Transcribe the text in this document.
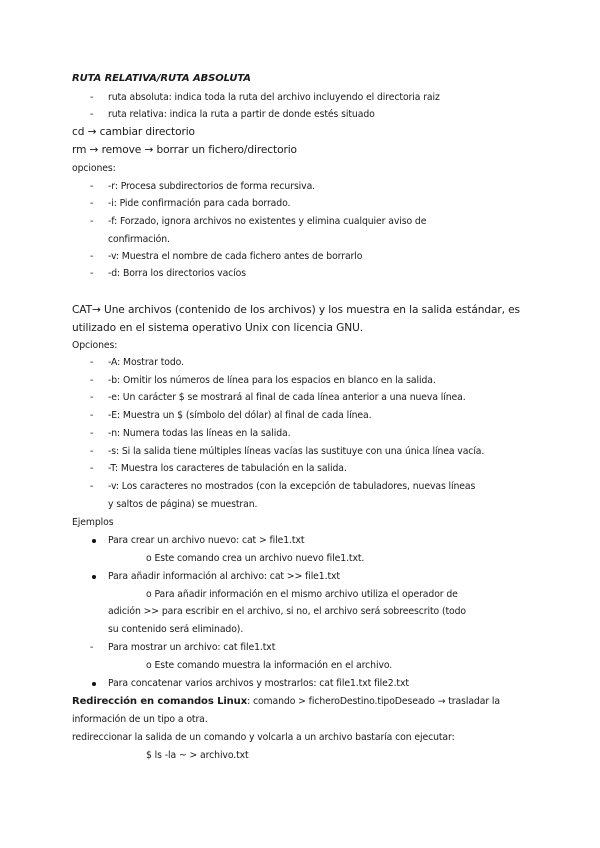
RUTA RELATIVA/RUTA ABSOLUTA
- ruta absoluta: indica toda la ruta del archivo incluyendo el directoria raiz
- ruta relativa: indica la ruta a partir de donde estés situado
cd → cambiar directorio
rm → remove → borrar un fichero/directorio
opciones:
- -r: Procesa subdirectorios de forma recursiva.
- -i: Pide confirmación para cada borrado.
- -f: Forzado, ignora archivos no existentes y elimina cualquier aviso de
confirmación.
- -v: Muestra el nombre de cada fichero antes de borrarlo
- -d: Borra los directorios vacíos
CAT→ Une archivos (contenido de los archivos) y los muestra en la salida estándar, es
utilizado en el sistema operativo Unix con licencia GNU.
Opciones:
- -A: Mostrar todo.
- -b: Omitir los números de línea para los espacios en blanco en la salida.
- -e: Un carácter $ se mostrará al final de cada línea anterior a una nueva línea.
- -E: Muestra un $ (símbolo del dólar) al final de cada línea.
- -n: Numera todas las líneas en la salida.
- -s: Si la salida tiene múltiples líneas vacías las sustituye con una única línea vacía.
- -T: Muestra los caracteres de tabulación en la salida.
- -v: Los caracteres no mostrados (con la excepción de tabuladores, nuevas líneas
y saltos de página) se muestran.
Ejemplos
Para crear un archivo nuevo: cat > file1.txt
o Este comando crea un archivo nuevo file1.txt.
Para añadir información al archivo: cat >> file1.txt
o Para añadir información en el mismo archivo utiliza el operador de
adición >> para escribir en el archivo, si no, el archivo será sobreescrito (todo
su contenido será eliminado).
- Para mostrar un archivo: cat file1.txt
o Este comando muestra la información en el archivo.
Para concatenar varios archivos y mostrarlos: cat file1.txt file2.txt
Redirección en comandos Linux: comando > ficheroDestino.tipoDeseado → trasladar la
información de un tipo a otra.
redireccionar la salida de un comando y volcarla a un archivo bastaría con ejecutar:
$ ls -la ~ > archivo.txt
